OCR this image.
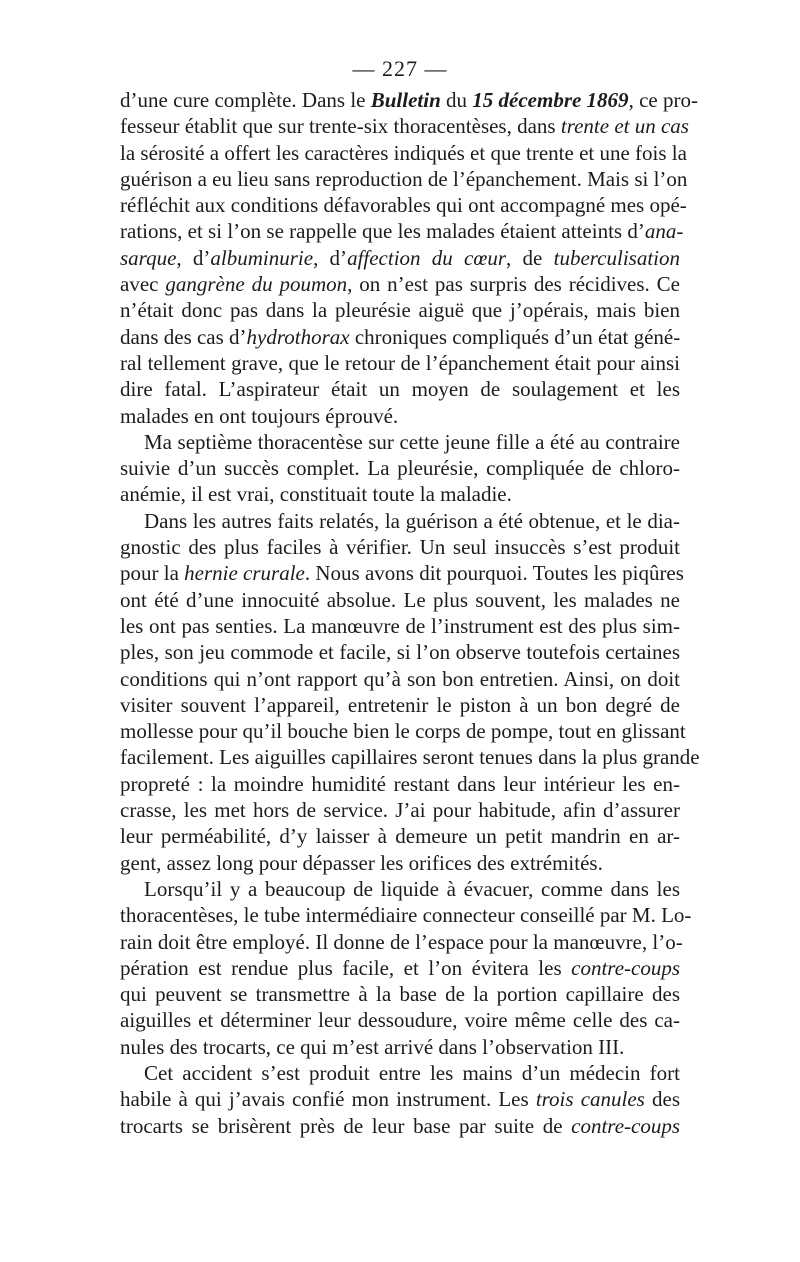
— 227 —
d’une cure complète. Dans le Bulletin du 15 décembre 1869, ce pro-
fesseur établit que sur trente-six thoracentèses, dans trente et un cas
la sérosité a offert les caractères indiqués et que trente et une fois la
guérison a eu lieu sans reproduction de l’épanchement. Mais si l’on
réfléchit aux conditions défavorables qui ont accompagné mes opé-
rations, et si l’on se rappelle que les malades étaient atteints d’ana-
sarque, d’albuminurie, d’affection du cœur, de tuberculisation
avec gangrène du poumon, on n’est pas surpris des récidives. Ce
n’était donc pas dans la pleurésie aiguë que j’opérais, mais bien
dans des cas d’hydrothorax chroniques compliqués d’un état géné-
ral tellement grave, que le retour de l’épanchement était pour ainsi
dire fatal. L’aspirateur était un moyen de soulagement et les
malades en ont toujours éprouvé.
Ma septième thoracentèse sur cette jeune fille a été au contraire
suivie d’un succès complet. La pleurésie, compliquée de chloro-
anémie, il est vrai, constituait toute la maladie.
Dans les autres faits relatés, la guérison a été obtenue, et le dia-
gnostic des plus faciles à vérifier. Un seul insuccès s’est produit
pour la hernie crurale. Nous avons dit pourquoi. Toutes les piqûres
ont été d’une innocuité absolue. Le plus souvent, les malades ne
les ont pas senties. La manœuvre de l’instrument est des plus sim-
ples, son jeu commode et facile, si l’on observe toutefois certaines
conditions qui n’ont rapport qu’à son bon entretien. Ainsi, on doit
visiter souvent l’appareil, entretenir le piston à un bon degré de
mollesse pour qu’il bouche bien le corps de pompe, tout en glissant
facilement. Les aiguilles capillaires seront tenues dans la plus grande
propreté : la moindre humidité restant dans leur intérieur les en-
crasse, les met hors de service. J’ai pour habitude, afin d’assurer
leur perméabilité, d’y laisser à demeure un petit mandrin en ar-
gent, assez long pour dépasser les orifices des extrémités.
Lorsqu’il y a beaucoup de liquide à évacuer, comme dans les
thoracentèses, le tube intermédiaire connecteur conseillé par M. Lo-
rain doit être employé. Il donne de l’espace pour la manœuvre, l’o-
pération est rendue plus facile, et l’on évitera les contre-coups
qui peuvent se transmettre à la base de la portion capillaire des
aiguilles et déterminer leur dessoudure, voire même celle des ca-
nules des trocarts, ce qui m’est arrivé dans l’observation III.
Cet accident s’est produit entre les mains d’un médecin fort
habile à qui j’avais confié mon instrument. Les trois canules des
trocarts se brisèrent près de leur base par suite de contre-coups
